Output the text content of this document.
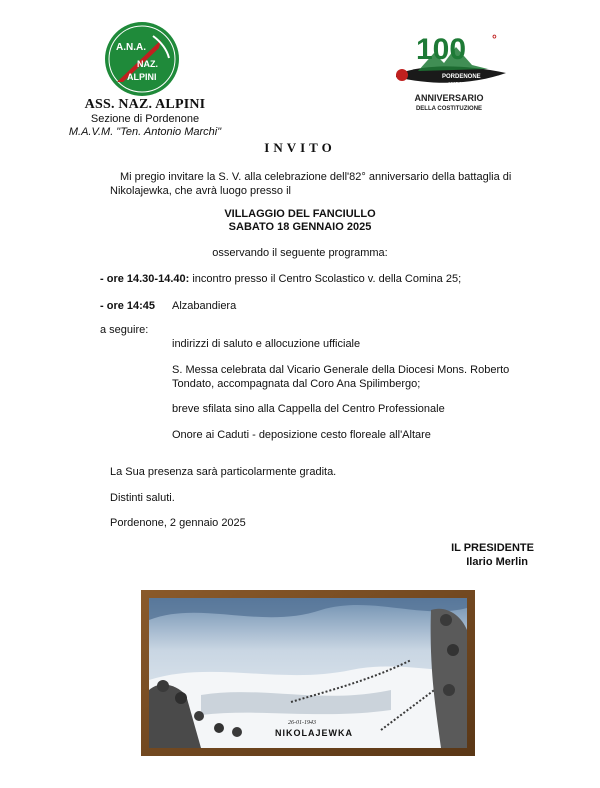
A.N.A.
NAZ.
ALPINI
ASS. NAZ. ALPINI
Sezione di Pordenone
M.A.V.M. "Ten. Antonio Marchi"
100 °
PORDENONE
1925 2025
ANNIVERSARIO
DELLA COSTITUZIONE
INVITO
Mi pregio invitare la S. V. alla celebrazione dell'82° anniversario della battaglia di Nikolajewka, che avrà luogo presso il
VILLAGGIO DEL FANCIULLO
SABATO 18 GENNAIO 2025
osservando il seguente programma:
- ore 14.30-14.40: incontro presso il Centro Scolastico v. della Comina 25;
- ore 14:45 Alzabandiera
a seguire:
indirizzi di saluto e allocuzione ufficiale
S. Messa celebrata dal Vicario Generale della Diocesi Mons. Roberto Tondato, accompagnata dal Coro Ana Spilimbergo;
breve sfilata sino alla Cappella del Centro Professionale
Onore ai Caduti - deposizione cesto floreale all'Altare
La Sua presenza sarà particolarmente gradita.
Distinti saluti.
Pordenone, 2 gennaio 2025
IL PRESIDENTE
Ilario Merlin
26-01-1943
NIKOLAJEWKA
